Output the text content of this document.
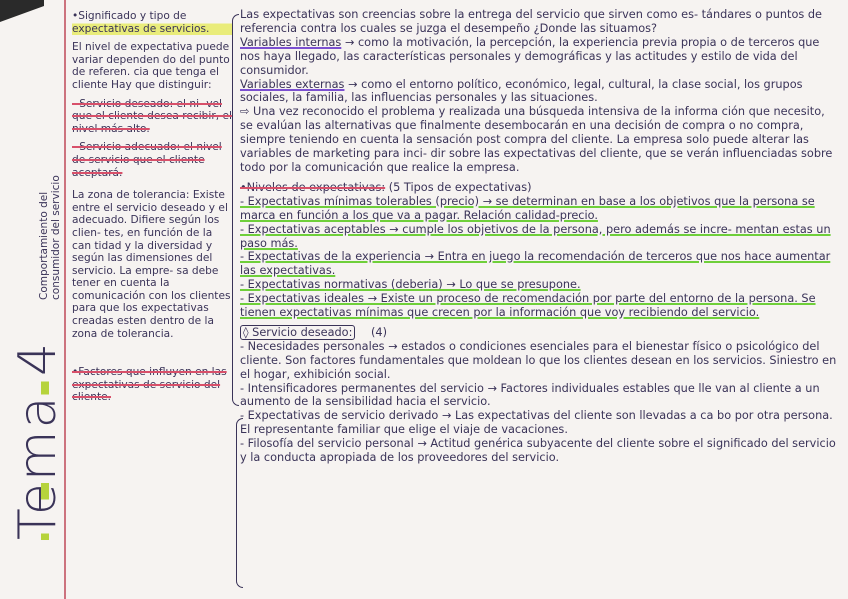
Tema 4
Comportamiento del consumidor del servicio

•Significado y tipo de expectativas de servicios.

El nivel de expectativa puede variar dependen do del punto de referen. cia que tenga el cliente Hay que distinguir:

- Servicio deseado: el ni- vel que el cliente desea recibir, el nivel más alto.

- Servicio adecuado: el nivel de servicio que el cliente aceptará.

La zona de tolerancia: Existe entre el servicio deseado y el adecuado. Difiere según los clien- tes, en función de la can tidad y la diversidad y según las dimensiones del servicio. La empre- sa debe tener en cuenta la comunicación con los clientes para que los expectativas creadas esten dentro de la zona de tolerancia.

•Factores que influyen en las expectativas de servicio del cliente.

Las expectativas son creencias sobre la entrega del servicio que sirven como es- tándares o puntos de referencia contra los cuales se juzga el desempeño ¿Donde las situamos?

Variables internas → como la motivación, la percepción, la experiencia previa propia o de terceros que nos haya llegado, las características personales y demográficas y las actitudes y estilo de vida del consumidor.

Variables externas → como el entorno político, económico, legal, cultural, la clase social, los grupos sociales, la familia, las influencias personales y las situaciones.

⇨ Una vez reconocido el problema y realizada una búsqueda intensiva de la informa ción que necesito, se evalúan las alternativas que finalmente desembocarán en una decisión de compra o no compra, siempre teniendo en cuenta la sensación post compra del cliente. La empresa solo puede alterar las variables de marketing para inci- dir sobre las expectativas del cliente, que se verán influenciadas sobre todo por la comunicación que realice la empresa.

•Niveles de expectativas: (5 Tipos de expectativas)

- Expectativas mínimas tolerables (precio) → se determinan en base a los objetivos que la persona se marca en función a los que va a pagar. Relación calidad-precio.

- Expectativas aceptables → cumple los objetivos de la persona, pero además se incre- mentan estas un paso más.

- Expectativas de la experiencia → Entra en juego la recomendación de terceros que nos hace aumentar las expectativas.

- Expectativas normativas (deberia) → Lo que se presupone.

- Expectativas ideales → Existe un proceso de recomendación por parte del entorno de la persona. Se tienen expectativas mínimas que crecen por la información que voy recibiendo del servicio.

◊ Servicio deseado: (4)

- Necesidades personales → estados o condiciones esenciales para el bienestar físico o psicológico del cliente. Son factores fundamentales que moldean lo que los clientes desean en los servicios. Siniestro en el hogar, exhibición social.

- Intensificadores permanentes del servicio → Factores individuales estables que lle van al cliente a un aumento de la sensibilidad hacia el servicio.

- Expectativas de servicio derivado → Las expectativas del cliente son llevadas a ca bo por otra persona. El representante familiar que elige el viaje de vacaciones.

- Filosofía del servicio personal → Actitud genérica subyacente del cliente sobre el significado del servicio y la conducta apropiada de los proveedores del servicio.
